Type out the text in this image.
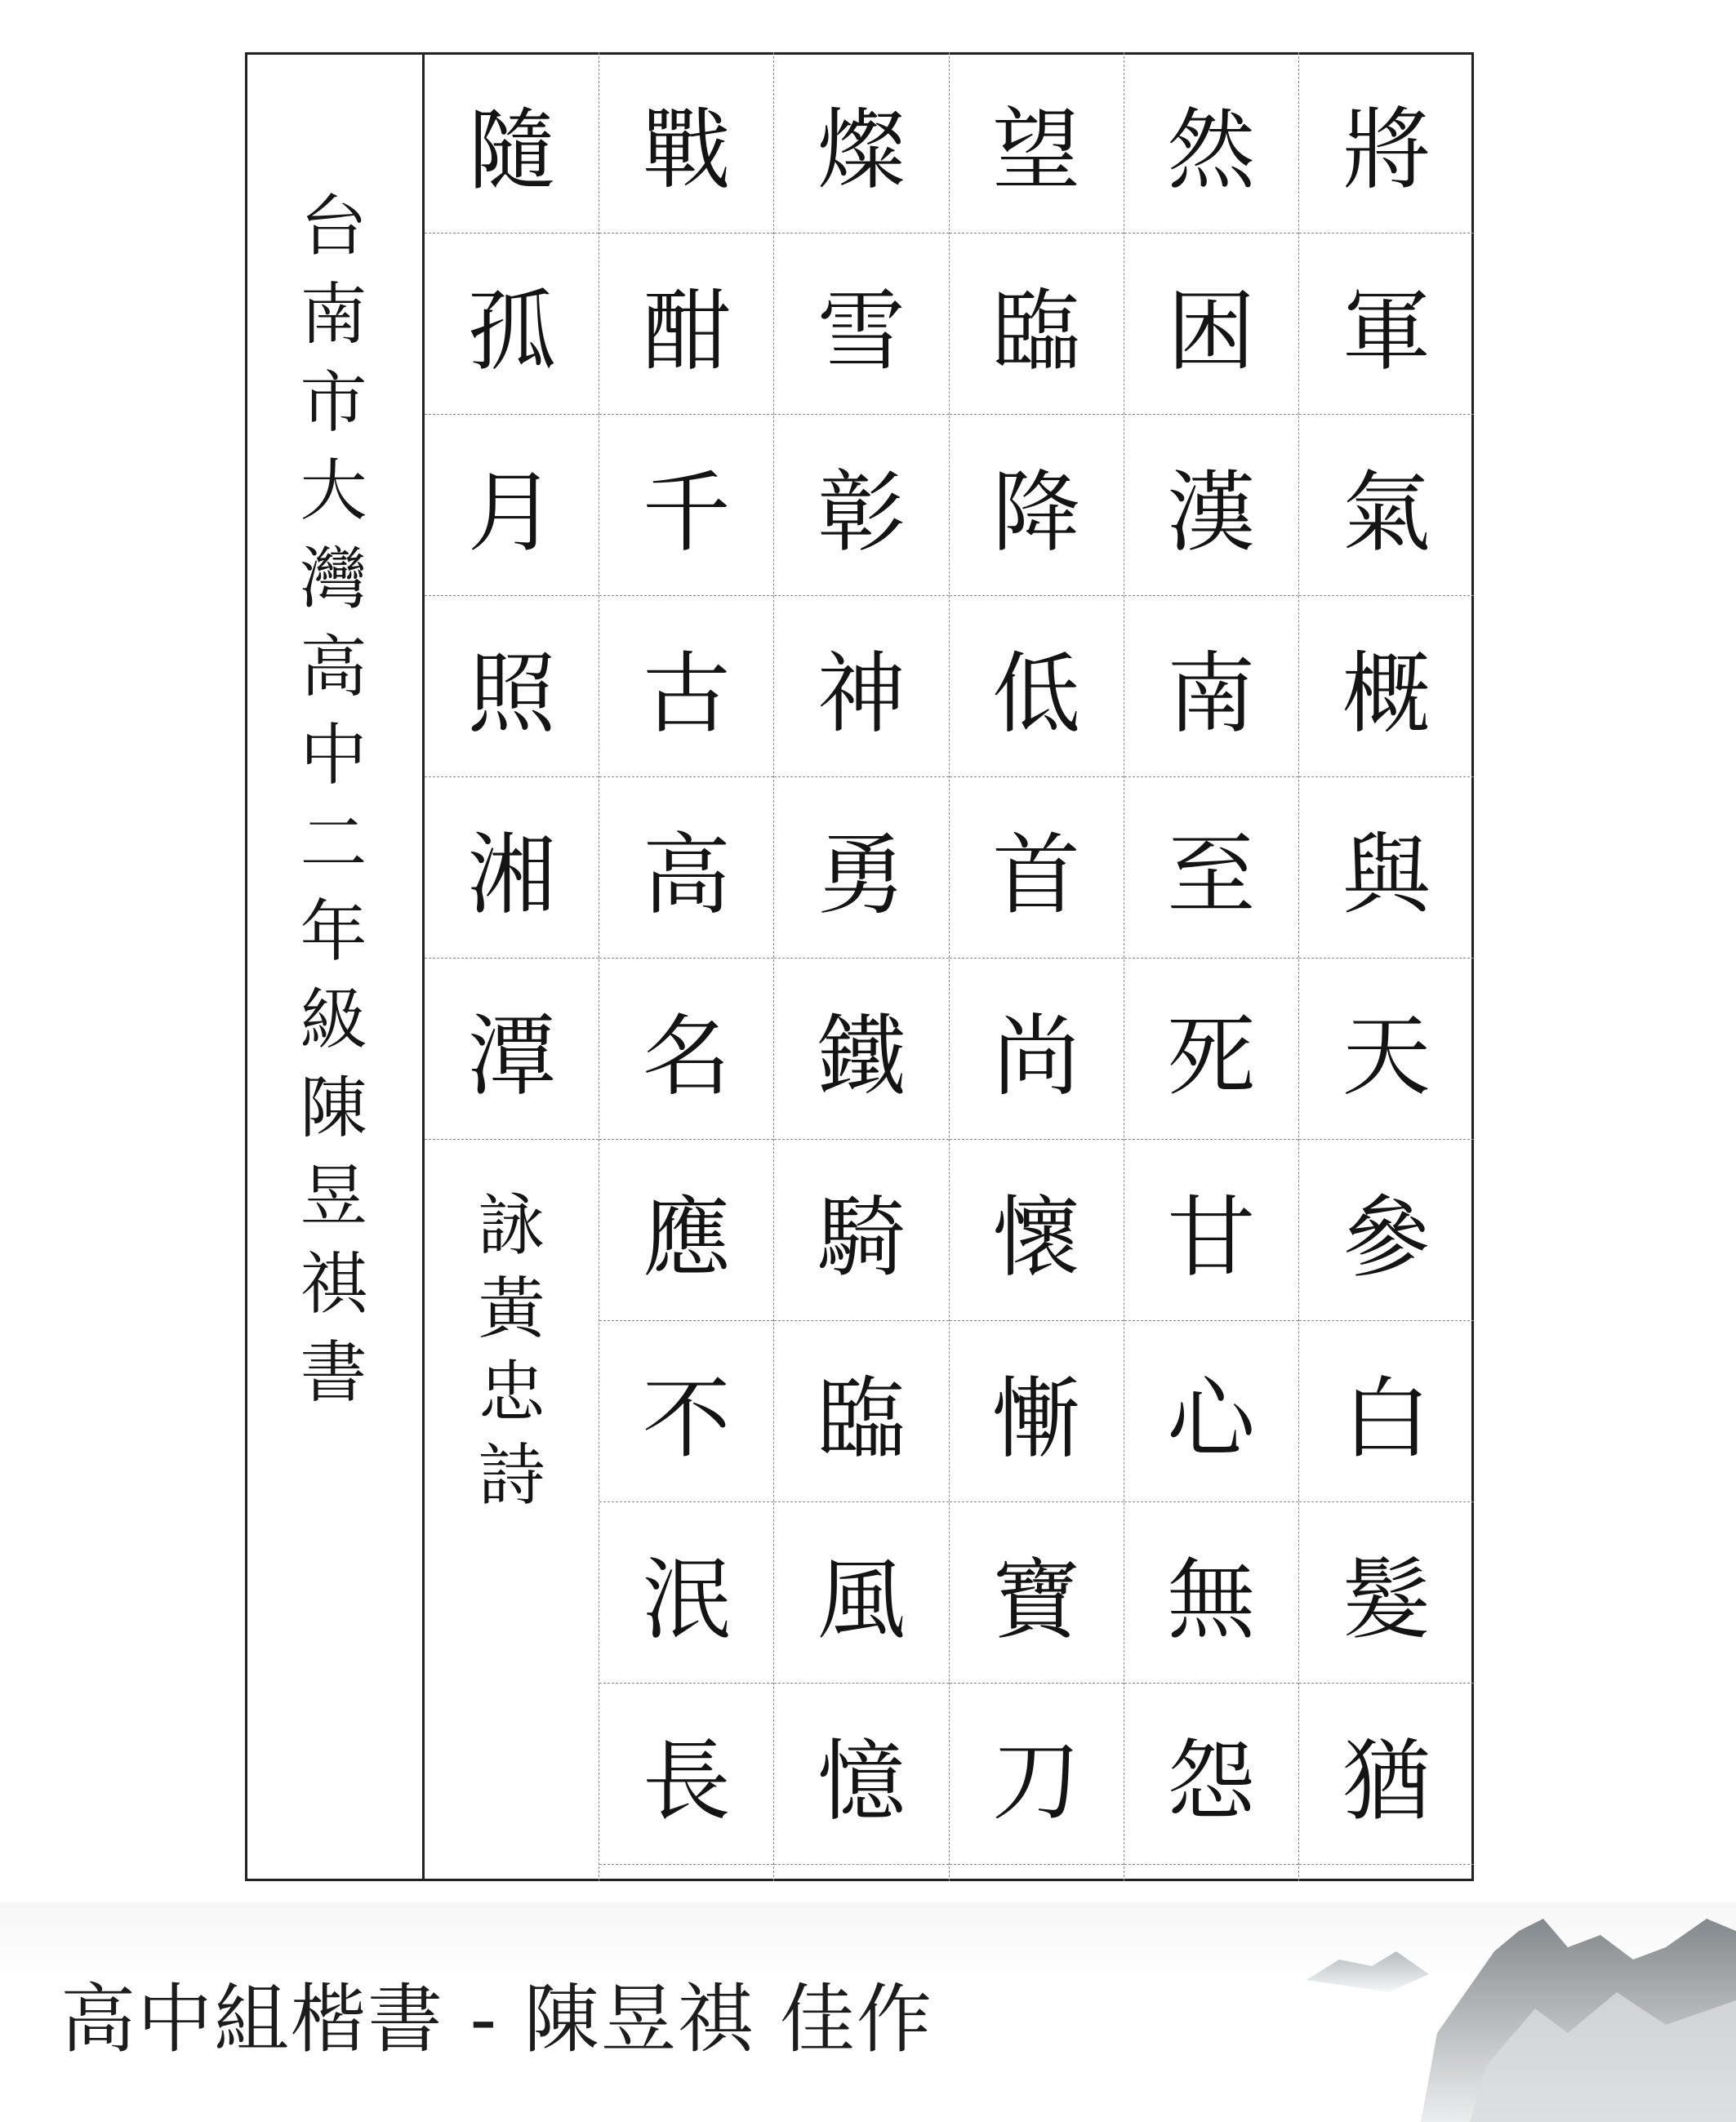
台
南
市
大
灣
高
中
二
年
級
陳
昱
祺
書
隨
孤
月
照
湘
潭
詠
黃
忠
詩
戰
酣
千
古
高
名
應
不
泯
長
燦
雪
彰
神
勇
鐵
騎
臨
風
憶
望
臨
降
低
首
尚
懷
慚
寶
刀
然
困
漢
南
至
死
甘
心
無
怨
將
軍
氣
概
與
天
參
白
髮
猶
高中組楷書 - 陳昱祺 佳作
